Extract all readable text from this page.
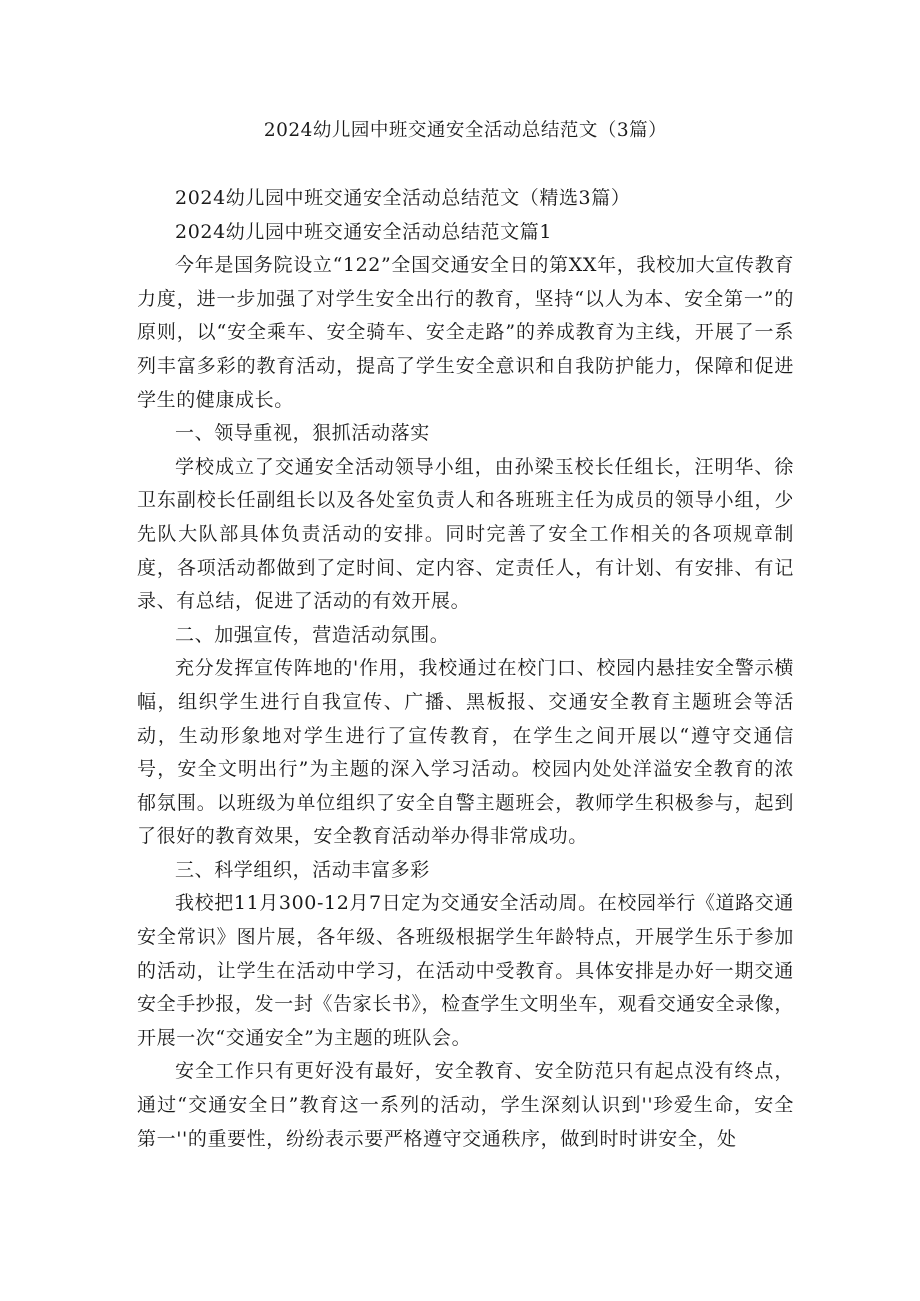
2024幼儿园中班交通安全活动总结范文（3篇）

2024幼儿园中班交通安全活动总结范文（精选3篇）

2024幼儿园中班交通安全活动总结范文篇1

今年是国务院设立“122”全国交通安全日的第XX年，我校加大宣传教育力度，进一步加强了对学生安全出行的教育，坚持“以人为本、安全第一”的原则，以“安全乘车、安全骑车、安全走路”的养成教育为主线，开展了一系列丰富多彩的教育活动，提高了学生安全意识和自我防护能力，保障和促进学生的健康成长。

一、领导重视，狠抓活动落实

学校成立了交通安全活动领导小组，由孙梁玉校长任组长，汪明华、徐卫东副校长任副组长以及各处室负责人和各班班主任为成员的领导小组，少先队大队部具体负责活动的安排。同时完善了安全工作相关的各项规章制度，各项活动都做到了定时间、定内容、定责任人，有计划、有安排、有记录、有总结，促进了活动的有效开展。

二、加强宣传，营造活动氛围。

充分发挥宣传阵地的'作用，我校通过在校门口、校园内悬挂安全警示横幅，组织学生进行自我宣传、广播、黑板报、交通安全教育主题班会等活动，生动形象地对学生进行了宣传教育，在学生之间开展以“遵守交通信号，安全文明出行”为主题的深入学习活动。校园内处处洋溢安全教育的浓郁氛围。以班级为单位组织了安全自警主题班会，教师学生积极参与，起到了很好的教育效果，安全教育活动举办得非常成功。

三、科学组织，活动丰富多彩

我校把11月300-12月7日定为交通安全活动周。在校园举行《道路交通安全常识》图片展，各年级、各班级根据学生年龄特点，开展学生乐于参加的活动，让学生在活动中学习，在活动中受教育。具体安排是办好一期交通安全手抄报，发一封《告家长书》，检查学生文明坐车，观看交通安全录像，开展一次“交通安全”为主题的班队会。

安全工作只有更好没有最好，安全教育、安全防范只有起点没有终点，通过“交通安全日”教育这一系列的活动，学生深刻认识到''珍爱生命，安全第一''的重要性，纷纷表示要严格遵守交通秩序，做到时时讲安全，处
